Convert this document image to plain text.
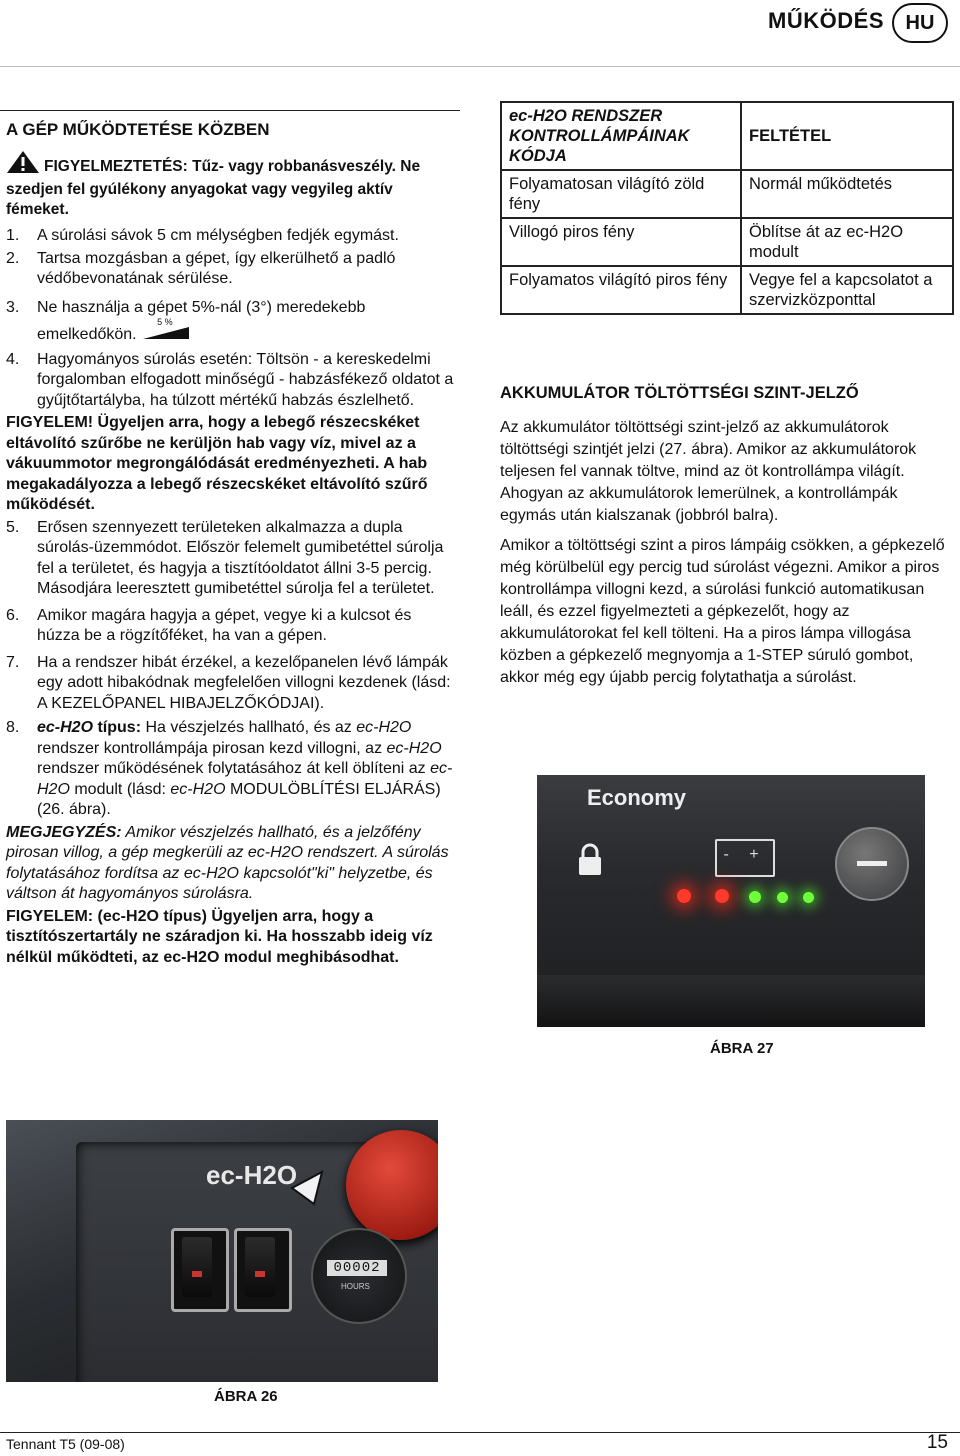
MŰKÖDÉS	HU

A GÉP MŰKÖDTETÉSE KÖZBEN

FIGYELMEZTETÉS: Tűz- vagy robbanásveszély. Ne szedjen fel gyúlékony anyagokat vagy vegyileg aktív fémeket.
1.	A súrolási sávok 5 cm mélységben fedjék egymást.
2.	Tartsa mozgásban a gépet, így elkerülhető a padló védőbevonatának sérülése.
3.	Ne használja a gépet 5%-nál (3°) meredekebb emelkedőkön.
5 %
4.	Hagyományos súrolás esetén: Töltsön - a kereskedelmi forgalomban elfogadott minőségű - habzásfékező oldatot a gyűjtőtartályba, ha túlzott mértékű habzás észlelhető.
FIGYELEM! Ügyeljen arra, hogy a lebegő részecskéket eltávolító szűrőbe ne kerüljön hab vagy víz, mivel az a vákuummotor megrongálódását eredményezheti. A hab megakadályozza a lebegő részecskéket eltávolító szűrő működését.
5.	Erősen szennyezett területeken alkalmazza a dupla súrolás-üzemmódot. Először felemelt gumibetéttel súrolja fel a területet, és hagyja a tisztítóoldatot állni 3-5 percig. Másodjára leeresztett gumibetéttel súrolja fel a területet.
6.	Amikor magára hagyja a gépet, vegye ki a kulcsot és húzza be a rögzítőféket, ha van a gépen.
7.	Ha a rendszer hibát érzékel, a kezelőpanelen lévő lámpák egy adott hibakódnak megfelelően villogni kezdenek (lásd: A KEZELŐPANEL HIBAJELZŐKÓDJAI).
8.	ec-H2O típus: Ha vészjelzés hallható, és az ec-H2O rendszer kontrollámpája pirosan kezd villogni, az ec-H2O rendszer működésének folytatásához át kell öblíteni az ec-H2O modult (lásd: ec-H2O MODULÖBLÍTÉSI ELJÁRÁS) (26. ábra).
MEGJEGYZÉS: Amikor vészjelzés hallható, és a jelzőfény pirosan villog, a gép megkerüli az ec-H2O rendszert. A súrolás folytatásához fordítsa az ec-H2O kapcsolót"ki" helyzetbe, és váltson át hagyományos súrolásra.
FIGYELEM: (ec-H2O típus) Ügyeljen arra, hogy a tisztítószertartály ne száradjon ki. Ha hosszabb ideig víz nélkül működteti, az ec-H2O modul meghibásodhat.
ec-H2O
00002
HOURS
ÁBRA 26
ec-H2O RENDSZER KONTROLLÁMPÁINAK KÓDJA	FELTÉTEL
Folyamatosan világító zöld fény	Normál működtetés
Villogó piros fény	Öblítse át az ec-H2O modult
Folyamatos világító piros fény	Vegye fel a kapcsolatot a szervizközponttal

AKKUMULÁTOR TÖLTÖTTSÉGI SZINT-JELZŐ

Az akkumulátor töltöttségi szint-jelző az akkumulátorok töltöttségi szintjét jelzi (27. ábra). Amikor az akkumulátorok teljesen fel vannak töltve, mind az öt kontrollámpa világít. Ahogyan az akkumulátorok lemerülnek, a kontrollámpák egymás után kialszanak (jobbról balra).
Amikor a töltöttségi szint a piros lámpáig csökken, a gépkezelő még körülbelül egy percig tud súrolást végezni. Amikor a piros kontrollámpa villogni kezd, a súrolási funkció automatikusan leáll, és ezzel figyelmezteti a gépkezelőt, hogy az akkumulátorokat fel kell tölteni. Ha a piros lámpa villogása közben a gépkezelő megnyomja a 1-STEP súruló gombot, akkor még egy újabb percig folytathatja a súrolást.
Economy
- +
ÁBRA 27
Tennant T5 (09-08)	15
